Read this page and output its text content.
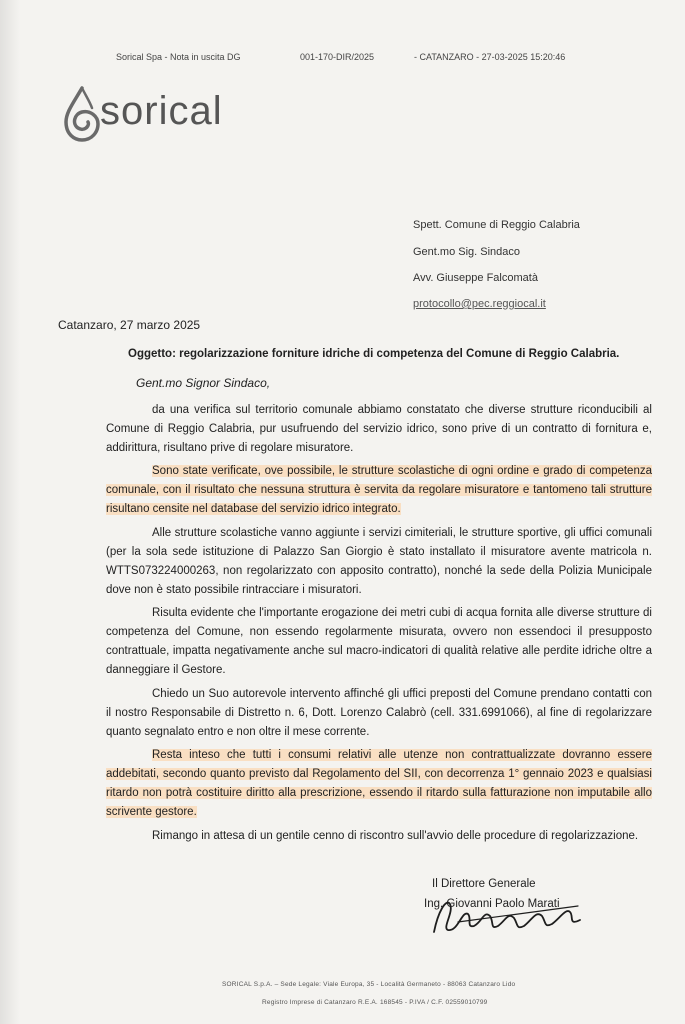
Sorical Spa - Nota in uscita DG	001-170-DIR/2025	- CATANZARO - 27-03-2025 15:20:46
sorical
Spett. Comune di Reggio Calabria
Gent.mo Sig. Sindaco
Avv. Giuseppe Falcomatà
protocollo@pec.reggiocal.it
Catanzaro, 27 marzo 2025
Oggetto: regolarizzazione forniture idriche di competenza del Comune di Reggio Calabria.
Gent.mo Signor Sindaco,

da una verifica sul territorio comunale abbiamo constatato che diverse strutture riconducibili al Comune di Reggio Calabria, pur usufruendo del servizio idrico, sono prive di un contratto di fornitura e, addirittura, risultano prive di regolare misuratore.

Sono state verificate, ove possibile, le strutture scolastiche di ogni ordine e grado di competenza comunale, con il risultato che nessuna struttura è servita da regolare misuratore e tantomeno tali strutture risultano censite nel database del servizio idrico integrato.

Alle strutture scolastiche vanno aggiunte i servizi cimiteriali, le strutture sportive, gli uffici comunali (per la sola sede istituzione di Palazzo San Giorgio è stato installato il misuratore avente matricola n. WTTS073224000263, non regolarizzato con apposito contratto), nonché la sede della Polizia Municipale dove non è stato possibile rintracciare i misuratori.

Risulta evidente che l'importante erogazione dei metri cubi di acqua fornita alle diverse strutture di competenza del Comune, non essendo regolarmente misurata, ovvero non essendoci il presupposto contrattuale, impatta negativamente anche sul macro-indicatori di qualità relative alle perdite idriche oltre a danneggiare il Gestore.

Chiedo un Suo autorevole intervento affinché gli uffici preposti del Comune prendano contatti con il nostro Responsabile di Distretto n. 6, Dott. Lorenzo Calabrò (cell. 331.6991066), al fine di regolarizzare quanto segnalato entro e non oltre il mese corrente.

Resta inteso che tutti i consumi relativi alle utenze non contrattualizzate dovranno essere addebitati, secondo quanto previsto dal Regolamento del SII, con decorrenza 1° gennaio 2023 e qualsiasi ritardo non potrà costituire diritto alla prescrizione, essendo il ritardo sulla fatturazione non imputabile allo scrivente gestore.

Rimango in attesa di un gentile cenno di riscontro sull'avvio delle procedure di regolarizzazione.

Il Direttore Generale
Ing. Giovanni Paolo Marati
SORICAL S.p.A. – Sede Legale: Viale Europa, 35 - Località Germaneto - 88063 Catanzaro Lido
Registro Imprese di Catanzaro R.E.A. 168545 - P.IVA / C.F. 02559010799
